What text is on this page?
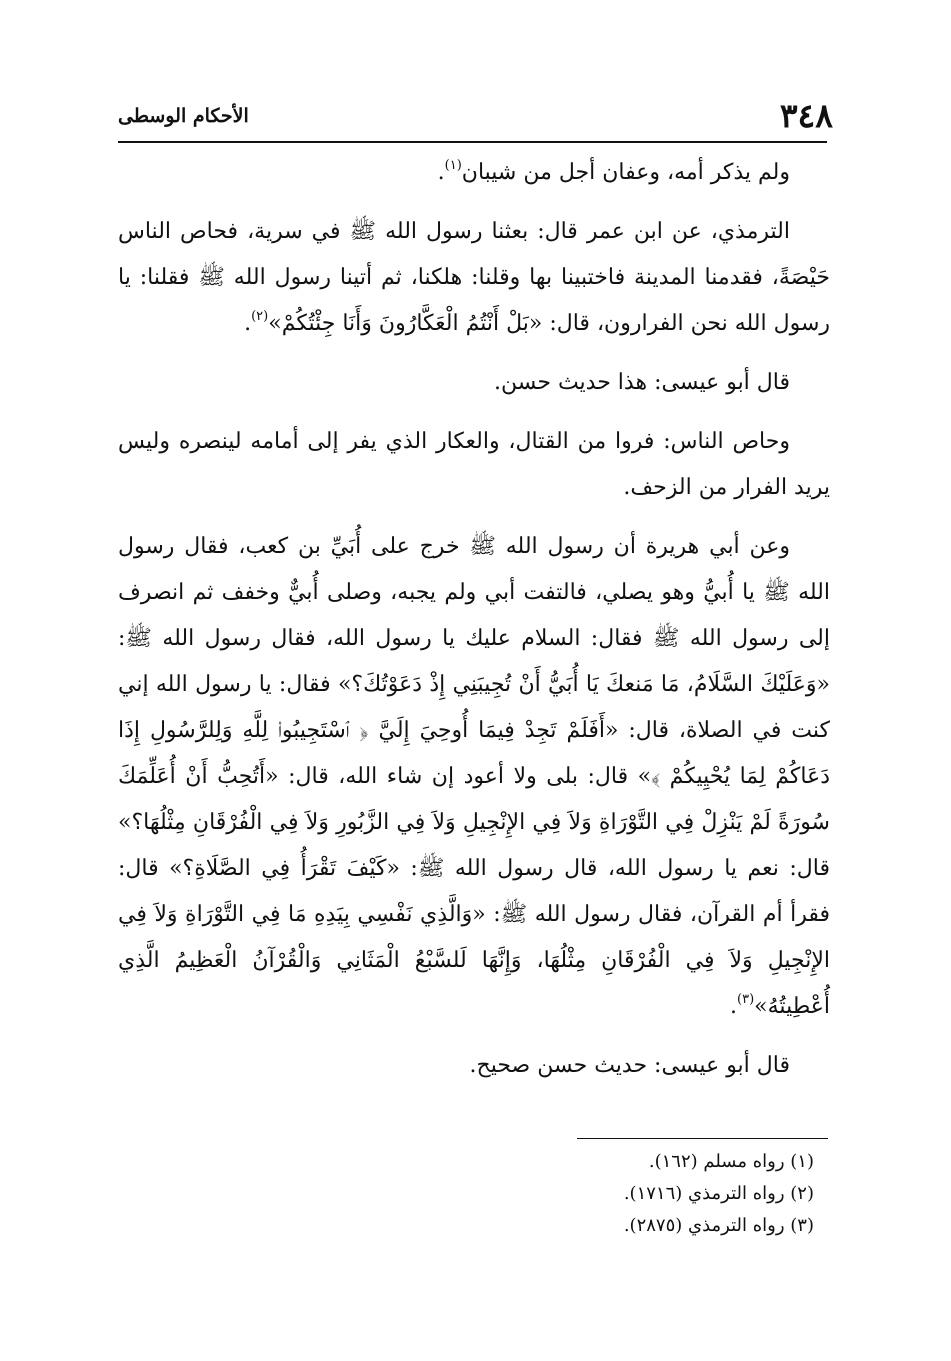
٣٤٨
الأحكام الوسطى

ولم يذكر أمه، وعفان أجل من شيبان$^{(١)}$.

الترمذي، عن ابن عمر قال: بعثنا رسول الله ﷺ في سرية، فحاص الناس حَيْصَةً، فقدمنا المدينة فاختبينا بها وقلنا: هلكنا، ثم أتينا رسول الله ﷺ فقلنا: يا رسول الله نحن الفرارون، قال: «بَلْ أَنْتُمُ الْعَكَّارُونَ وَأَنَا جِئْتُكُمْ»$^{(٢)}$.

قال أبو عيسى: هذا حديث حسن.

وحاص الناس: فروا من القتال، والعكار الذي يفر إلى أمامه لينصره وليس يريد الفرار من الزحف.

وعن أبي هريرة أن رسول الله ﷺ خرج على أُبَيِّ بن كعب، فقال رسول الله ﷺ يا أُبيُّ وهو يصلي، فالتفت أبي ولم يجبه، وصلى أُبيٌّ وخفف ثم انصرف إلى رسول الله ﷺ فقال: السلام عليك يا رسول الله، فقال رسول الله ﷺ: «وَعَلَيْكَ السَّلَامُ، مَا مَنعكَ يَا أُبَيُّ أَنْ تُجِيبَنِي إِذْ دَعَوْتُكَ؟» فقال: يا رسول الله إني كنت في الصلاة، قال: «أَفَلَمْ تَجِدْ فِيمَا أُوحِيَ إِلَيَّ ﴿ ٱسْتَجِيبُوا۟ لِلَّهِ وَلِلرَّسُولِ إِذَا دَعَاكُمْ لِمَا يُحْيِيكُمْ ﴾» قال: بلى ولا أعود إن شاء الله، قال: «أَتُحِبُّ أَنْ أُعَلِّمَكَ سُورَةً لَمْ يَنْزِلْ فِي التَّوْرَاةِ وَلاَ فِي الإِنْجِيلِ وَلاَ فِي الزَّبُورِ وَلاَ فِي الْفُرْقَانِ مِثْلُهَا؟» قال: نعم يا رسول الله، قال رسول الله ﷺ: «كَيْفَ تَقْرَأُ فِي الصَّلَاةِ؟» قال: فقرأ أم القرآن، فقال رسول الله ﷺ: «وَالَّذِي نَفْسِي بِيَدِهِ مَا فِي التَّوْرَاةِ وَلاَ فِي الإِنْجِيلِ وَلاَ فِي الْفُرْقَانِ مِثْلُهَا، وَإِنَّهَا لَلسَّبْعُ الْمَثَانِي وَالْقُرْآنُ الْعَظِيمُ الَّذِي أُعْطِيتُهُ»$^{(٣)}$.

قال أبو عيسى: حديث حسن صحيح.

(١) رواه مسلم (١٦٢).

(٢) رواه الترمذي (١٧١٦).

(٣) رواه الترمذي (٢٨٧٥).
